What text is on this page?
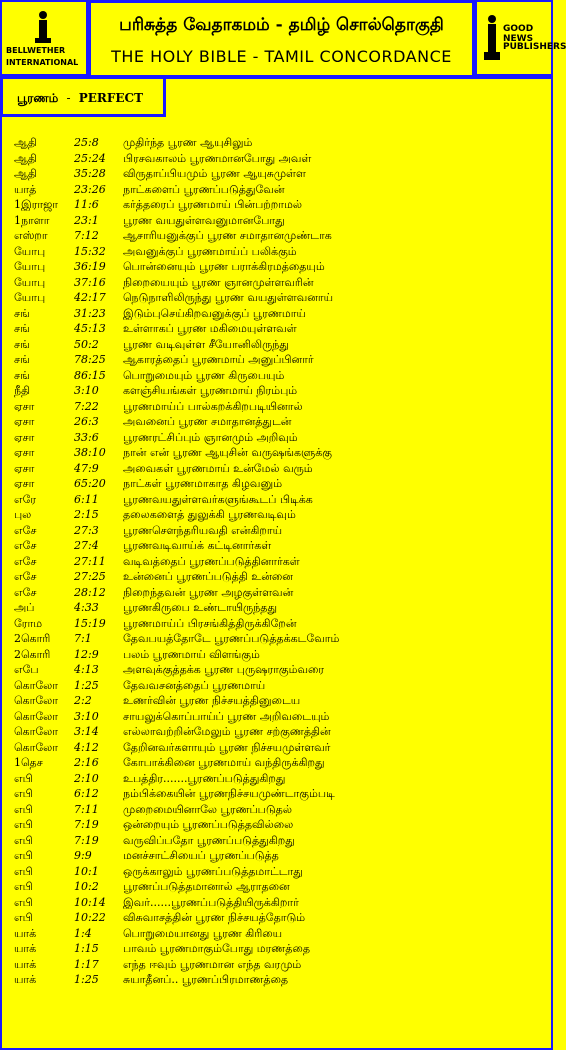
BELLWETHER
INTERNATIONAL
பரிசுத்த வேதாகமம் - தமிழ் சொல்தொகுதி
THE HOLY BIBLE - TAMIL CONCORDANCE
GOOD NEWS
PUBLISHERS
பூரணம் - PERFECT
ஆதி	25:8 முதிர்ந்த பூரண ஆயுசிலும்
ஆதி	25:24 பிரசவகாலம் பூரணமானபோது அவள்
ஆதி	35:28 விருதாப்பியமும் பூரண ஆயுசுமுள்ள
யாத்	23:26 நாட்களைப் பூரணப்படுத்துவேன்
1இராஜா 11:6 கர்த்தரைப் பூரணமாய் பின்பற்றாமல்
1நாளா 23:1 பூரண வயதுள்ளவனுமானபோது
எஸ்றா 7:12 ஆசாரியனுக்குப் பூரண சமாதானமுண்டாக
யோபு	15:32 அவனுக்குப் பூரணமாய்ப் பலிக்கும்
யோபு	36:19 பொன்னையும் பூரண பராக்கிரமத்தையும்
யோபு	37:16 நிறையையும் பூரண ஞானமுள்ளவரின்
யோபு	42:17 நெடுநாளிலிருந்து பூரண வயதுள்ளவனாய்
சங்	31:23 இடும்புசெய்கிறவனுக்குப் பூரணமாய்
சங்	45:13 உள்ளாகப் பூரண மகிமையுள்ளவள்
சங்	50:2 பூரண வடிவுள்ள சீயோனிலிருந்து
சங்	78:25 ஆகாரத்தைப் பூரணமாய் அனுப்பினார்
சங்	86:15 பொறுமையும் பூரண கிருபையும்
நீதி	3:10 களஞ்சியங்கள் பூரணமாய் நிரம்பும்
ஏசா	7:22 பூரணமாய்ப் பால்கறக்கிறபடியினால்
ஏசா	26:3 அவனைப் பூரண சமாதானத்துடன்
ஏசா	33:6 பூரணரட்சிப்பும் ஞானமும் அறிவும்
ஏசா	38:10 நான் என் பூரண ஆயுசின் வருஷங்களுக்கு
ஏசா	47:9 அவைகள் பூரணமாய் உன்மேல் வரும்
ஏசா	65:20 நாட்கள் பூரணமாகாத கிழவனும்
எரே	6:11 பூரணவயதுள்ளவர்களுங்கூடப் பிடிக்க
புல	2:15 தலைகளைத் துலுக்கி பூரணவடிவும்
எசே	27:3 பூரணசௌந்தரியவதி என்கிறாய்
எசே	27:4 பூரணவடிவாய்க் கட்டினார்கள்
எசே	27:11 வடிவத்தைப் பூரணப்படுத்தினார்கள்
எசே	27:25 உன்னைப் பூரணப்படுத்தி உன்னை
எசே	28:12 நிறைந்தவன் பூரண அழகுள்ளவன்
அப்	4:33 பூரணகிருபை உண்டாயிருந்தது
ரோம	15:19 பூரணமாய்ப் பிரசங்கித்திருக்கிறேன்
2கொரி 7:1	தேவபயத்தோடே பூரணப்படுத்தக்கடவோம்
2கொரி 12:9 பலம் பூரணமாய் விளங்கும்
எபே	4:13 அளவுக்குத்தக்க பூரண புருஷராகும்வரை
கொலோ 1:25 தேவவசனத்தைப் பூரணமாய்
கொலோ 2:2	உணர்வின் பூரண நிச்சயத்தினுடைய
கொலோ 3:10 சாயலுக்கொப்பாய்ப் பூரண அறிவடையும்
கொலோ 3:14 எல்லாவற்றின்மேலும் பூரண சற்குணத்தின்
கொலோ 4:12 தேறினவர்களாயும் பூரண நிச்சயமுள்ளவர்
1தெச	2:16 கோபாக்கினை பூரணமாய் வந்திருக்கிறது
எபி	2:10 உபத்திர.......பூரணப்படுத்துகிறது
எபி	6:12 நம்பிக்கையின் பூரணநிச்சயமுண்டாகும்படி
எபி	7:11 முறைமையினாலே பூரணப்படுதல்
எபி	7:19 ஒன்றையும் பூரணப்படுத்தவில்லை
எபி	7:19 வருவிப்பதோ பூரணப்படுத்துகிறது
எபி	9:9	மனச்சாட்சியைப் பூரணப்படுத்த
எபி	10:1 ஒருக்காலும் பூரணப்படுத்தமாட்டாது
எபி	10:2 பூரணப்படுத்தமானால் ஆராதனை
எபி	10:14 இவர்......பூரணப்படுத்தியிருக்கிறார்
எபி	10:22 விசுவாசத்தின் பூரண நிச்சயத்தோடும்
யாக்	1:4	பொறுமையானது பூரண கிரியை
யாக்	1:15 பாவம் பூரணமாகும்போது மரணத்தை
யாக்	1:17 எந்த ஈவும் பூரணமான எந்த வரமும்
யாக்	1:25 சுயாதீனப்.. பூரணப்பிரமாணத்தை
